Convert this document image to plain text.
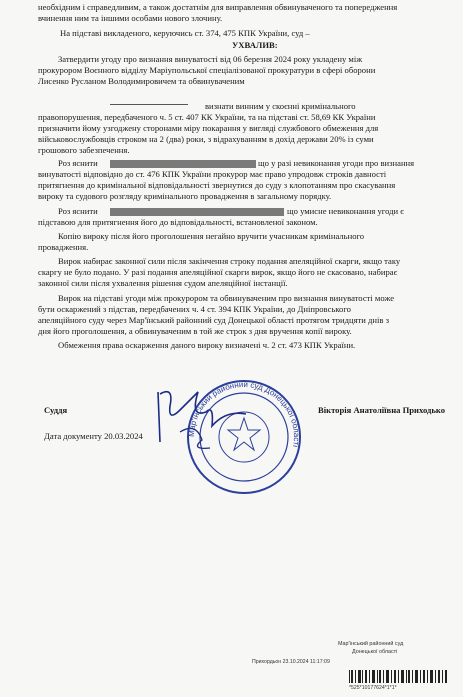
необхідним і справедливим, а також достатнім для виправлення обвинуваченого та попередження
вчинення ним та іншими особами нового злочину.
На підставі викладеного, керуючись ст. 374, 475 КПК України, суд –
УХВАЛИВ:
Затвердити угоду про визнання винуватості від 06 березня 2024 року укладену між
прокурором Воєнного відділу Маріупольської спеціалізованої прокуратури в сфері оборони
Лисенко Русланом Володимировичем та обвинуваченим
визнати винним у скоєнні кримінального
правопорушення, передбаченого ч. 5 ст. 407 КК України, та на підставі ст. 58,69 КК України
призначити йому узгоджену сторонами міру покарання у вигляді службового обмеження для
військовослужбовців строком на 2 (два) роки, з відрахуванням в дохід держави 20% із суми
грошового забезпечення.
Роз яснити	що у разі невиконання угоди про визнання
винуватості відповідно до ст. 476 КПК України прокурор має право упродовж строків давності
притягнення до кримінальної відповідальності звернутися до суду з клопотанням про скасування
вироку та судового розгляду кримінального провадження в загальному порядку.
Роз яснити	що умисне невиконання угоди є
підставою для притягнення його до відповідальності, встановленої законом.
Копію вироку після його проголошення негайно вручити учасникам кримінального
провадження.
Вирок набирає законної сили після закінчення строку подання апеляційної скарги, якщо таку
скаргу не було подано. У разі подання апеляційної скарги вирок, якщо його не скасовано, набирає
законної сили після ухвалення рішення судом апеляційної інстанції.
Вирок на підставі угоди між прокурором та обвинуваченим про визнання винуватості може
бути оскаржений з підстав, передбачених ч. 4 ст. 394 КПК України, до Дніпровського
апеляційного суду через Мар'їнський районний суд Донецької області протягом тридцяти днів з
дня його проголошення, а обвинуваченим в той же строк з дня вручення копії вироку.
Обмеження права оскарження даного вироку визначені ч. 2 ст. 473 КПК України.
Мар'їнський районний суд Донецької області
Суддя	Вікторія Анатоліївна Приходько
Дата документу 20.03.2024
Мар'їнський районний суд
Донецької області
Прихордьон 23.10.2024 11:17:09
*525*10177624*1*1*
